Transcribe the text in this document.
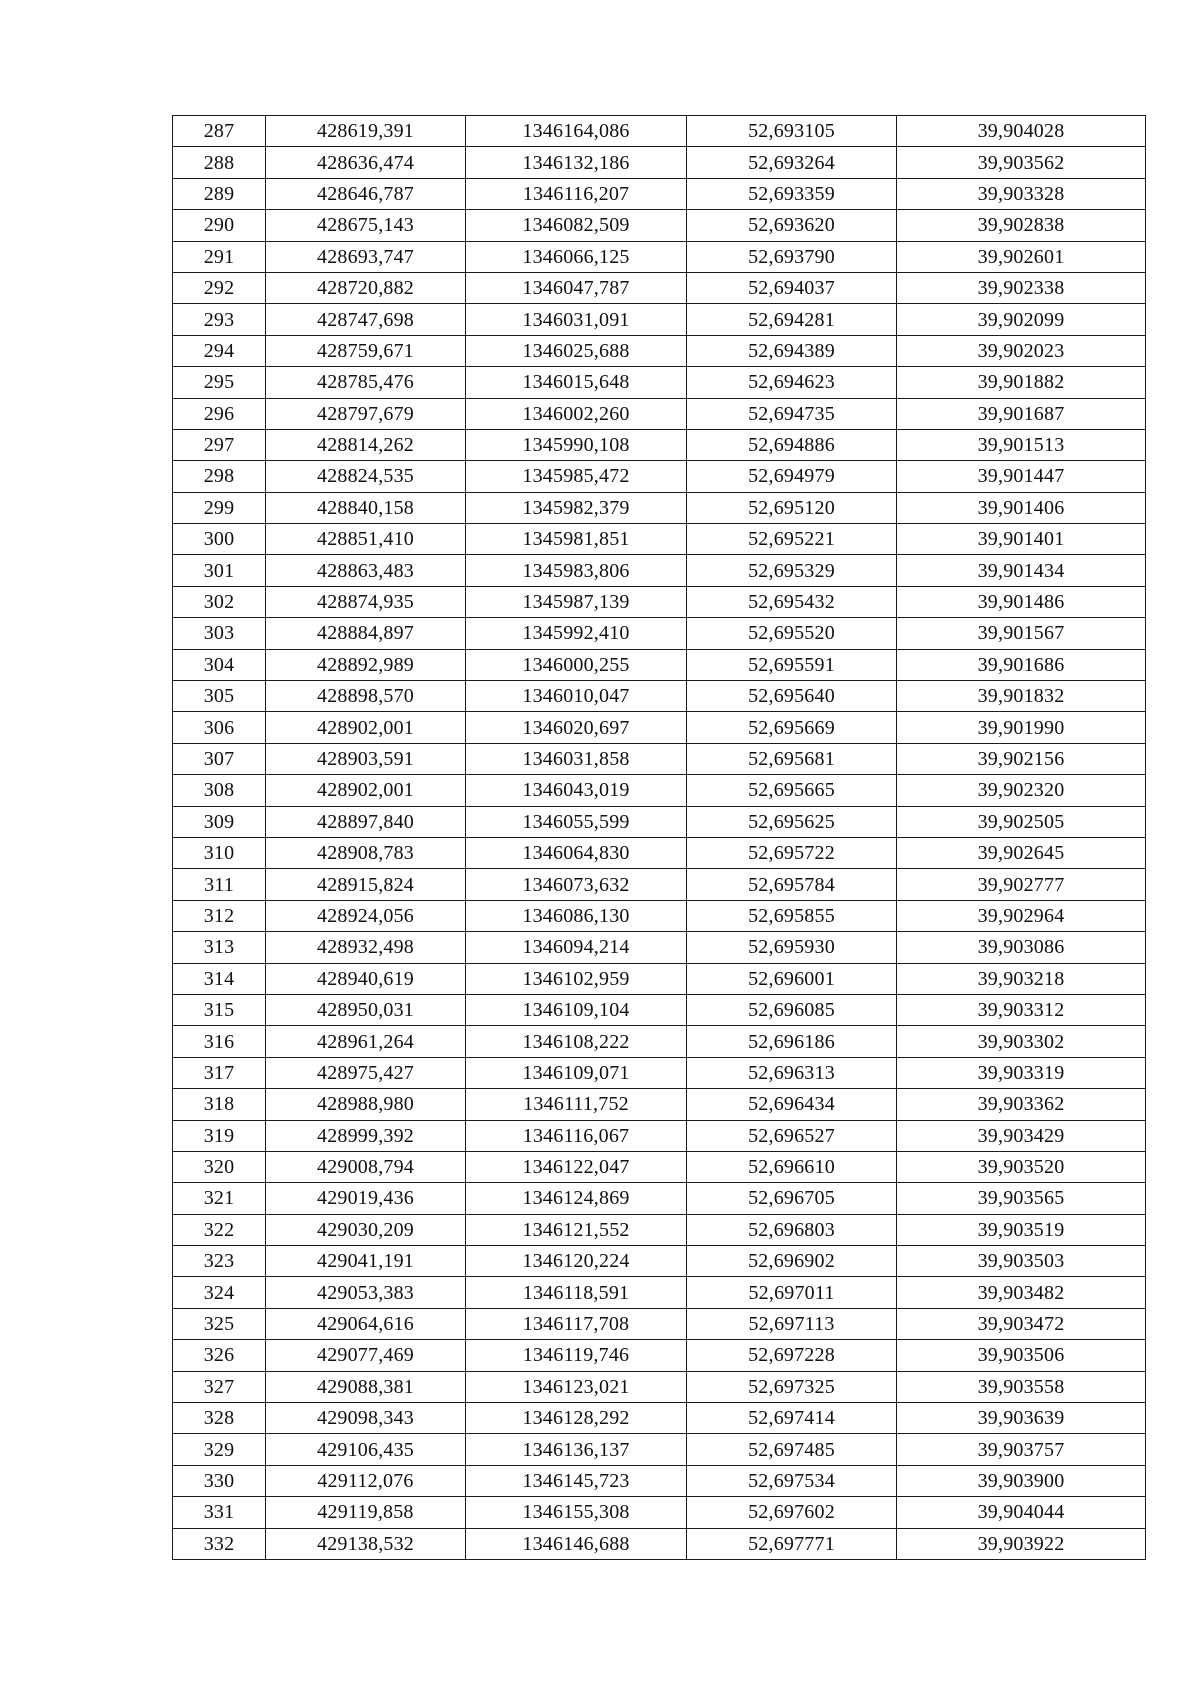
287	428619,391	1346164,086	52,693105	39,904028
288	428636,474	1346132,186	52,693264	39,903562
289	428646,787	1346116,207	52,693359	39,903328
290	428675,143	1346082,509	52,693620	39,902838
291	428693,747	1346066,125	52,693790	39,902601
292	428720,882	1346047,787	52,694037	39,902338
293	428747,698	1346031,091	52,694281	39,902099
294	428759,671	1346025,688	52,694389	39,902023
295	428785,476	1346015,648	52,694623	39,901882
296	428797,679	1346002,260	52,694735	39,901687
297	428814,262	1345990,108	52,694886	39,901513
298	428824,535	1345985,472	52,694979	39,901447
299	428840,158	1345982,379	52,695120	39,901406
300	428851,410	1345981,851	52,695221	39,901401
301	428863,483	1345983,806	52,695329	39,901434
302	428874,935	1345987,139	52,695432	39,901486
303	428884,897	1345992,410	52,695520	39,901567
304	428892,989	1346000,255	52,695591	39,901686
305	428898,570	1346010,047	52,695640	39,901832
306	428902,001	1346020,697	52,695669	39,901990
307	428903,591	1346031,858	52,695681	39,902156
308	428902,001	1346043,019	52,695665	39,902320
309	428897,840	1346055,599	52,695625	39,902505
310	428908,783	1346064,830	52,695722	39,902645
311	428915,824	1346073,632	52,695784	39,902777
312	428924,056	1346086,130	52,695855	39,902964
313	428932,498	1346094,214	52,695930	39,903086
314	428940,619	1346102,959	52,696001	39,903218
315	428950,031	1346109,104	52,696085	39,903312
316	428961,264	1346108,222	52,696186	39,903302
317	428975,427	1346109,071	52,696313	39,903319
318	428988,980	1346111,752	52,696434	39,903362
319	428999,392	1346116,067	52,696527	39,903429
320	429008,794	1346122,047	52,696610	39,903520
321	429019,436	1346124,869	52,696705	39,903565
322	429030,209	1346121,552	52,696803	39,903519
323	429041,191	1346120,224	52,696902	39,903503
324	429053,383	1346118,591	52,697011	39,903482
325	429064,616	1346117,708	52,697113	39,903472
326	429077,469	1346119,746	52,697228	39,903506
327	429088,381	1346123,021	52,697325	39,903558
328	429098,343	1346128,292	52,697414	39,903639
329	429106,435	1346136,137	52,697485	39,903757
330	429112,076	1346145,723	52,697534	39,903900
331	429119,858	1346155,308	52,697602	39,904044
332	429138,532	1346146,688	52,697771	39,903922
